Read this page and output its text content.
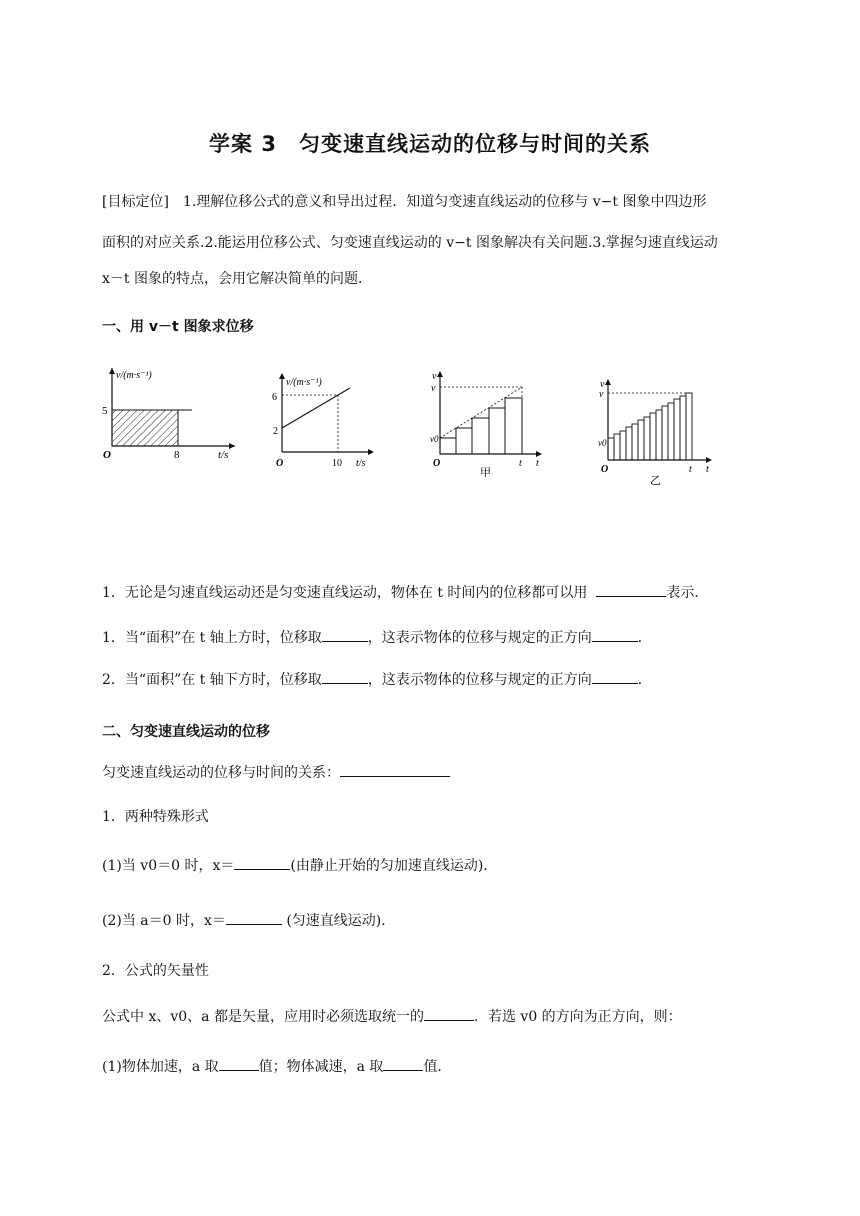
学案 3　匀变速直线运动的位移与时间的关系
[目标定位]　1.理解位移公式的意义和导出过程．知道匀变速直线运动的位移与 v−t 图象中四边形
面积的对应关系.2.能运用位移公式、匀变速直线运动的 v−t 图象解决有关问题.3.掌握匀速直线运动
x－t 图象的特点，会用它解决简单的问题．
一、用 v－t 图象求位移
v/(m·s⁻¹)
5
O	8	t/s
v/(m·s⁻¹)
6
2
O	10 t/s
v
v
v0
O	t t
甲
v
v
v0
O	t t
乙
1．无论是匀速直线运动还是匀变速直线运动，物体在 t 时间内的位移都可以用	表示．
1．当“面积”在 t 轴上方时，位移取	，这表示物体的位移与规定的正方向	．
2．当“面积”在 t 轴下方时，位移取	，这表示物体的位移与规定的正方向	．
二、匀变速直线运动的位移
匀变速直线运动的位移与时间的关系：
1．两种特殊形式
(1)当 v0＝0 时，x＝	(由静止开始的匀加速直线运动)．
(2)当 a＝0 时，x＝	(匀速直线运动)．
2．公式的矢量性
公式中 x、v0、a 都是矢量，应用时必须选取统一的	．若选 v0 的方向为正方向，则：
(1)物体加速，a 取	值；物体减速，a 取	值．
